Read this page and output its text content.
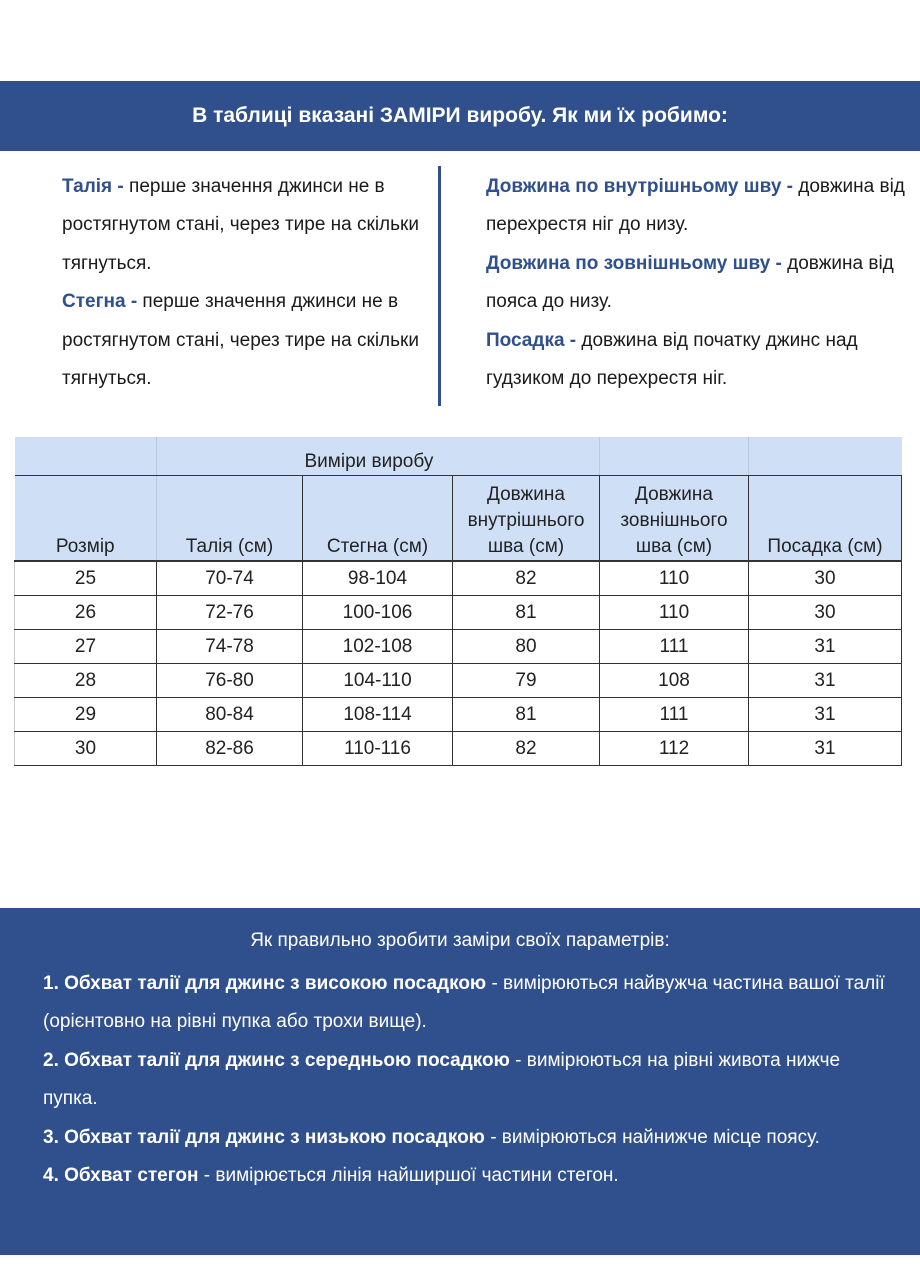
В таблиці вказані ЗАМІРИ виробу. Як ми їх робимо:
Талія - перше значення джинси не в ростягнутом стані, через тире на скільки тягнуться.
Стегна - перше значення джинси не в ростягнутом стані, через тире на скільки тягнуться.
Довжина по внутрішньому шву - довжина від перехрестя ніг до низу.
Довжина по зовнішньому шву - довжина від пояса до низу.
Посадка - довжина від початку джинс над гудзиком до перехрестя ніг.
		Виміри виробу			
Розмір	Талія (см)	Стегна (см)	Довжина внутрішнього шва (см)	Довжина зовнішнього шва (см)	Посадка (см)
25	70-74	98-104	82	110	30
26	72-76	100-106	81	110	30
27	74-78	102-108	80	111	31
28	76-80	104-110	79	108	31
29	80-84	108-114	81	111	31
30	82-86	110-116	82	112	31
Як правильно зробити заміри своїх параметрів:

1. Обхват талії для джинс з високою посадкою - вимірюються найвужча частина вашої талії (орієнтовно на рівні пупка або трохи вище).

2. Обхват талії для джинс з середньою посадкою - вимірюються на рівні живота нижче пупка.

3. Обхват талії для джинс з низькою посадкою - вимірюються найнижче місце поясу.

4. Обхват стегон - вимірюється лінія найширшої частини стегон.
